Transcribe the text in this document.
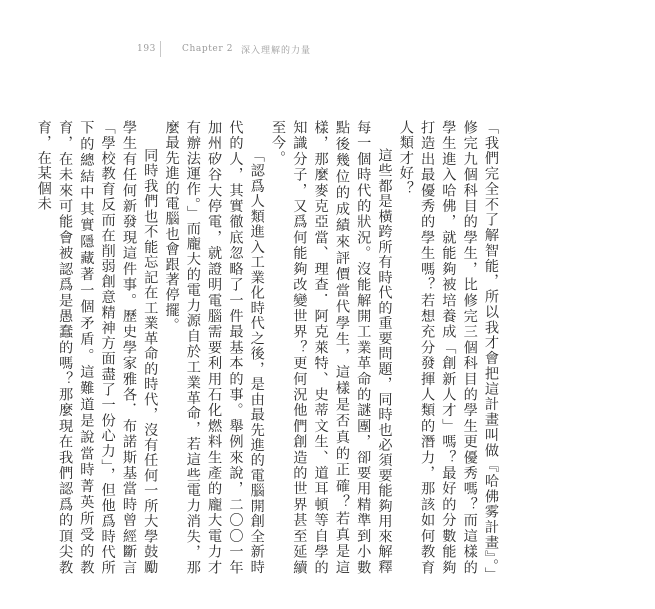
193	Chapter 2 深入理解的力量

「我們完全不了解智能，所以我才會把這計畫叫做『哈佛雾計畫』。」修完九個科目的學生，比修完三個科目的學生更優秀嗎？而這樣的學生進入哈佛，就能夠被培養成「創新人才」嗎？最好的分數能夠打造出最優秀的學生嗎？若想充分發揮人類的潛力，那該如何教育人類才好？

這些都是橫跨所有時代的重要問題，同時也必須要能夠用來解釋每一個時代的狀況。沒能解開工業革命的謎團，卻要用精準到小數點後幾位的成績來評價當代學生，這樣是否真的正確？若真是這樣，那麼麥克亞當、理查．阿克萊特、史蒂文生、道耳頓等自學的知識分子，又爲何能夠改變世界？更何況他們創造的世界甚至延續至今。

「認爲人類進入工業化時代之後，是由最先進的電腦開創全新時代的人，其實徹底忽略了一件最基本的事。舉例來說，二〇〇一年加州矽谷大停電，就證明電腦需要利用石化燃料生產的龐大電力才有辦法運作。」而龐大的電力源自於工業革命，若這些電力消失，那麼最先進的電腦也會跟著停擺。

同時我們也不能忘記在工業革命的時代，沒有任何一所大學鼓勵學生有任何新發現這件事。歷史學家雅各．布諾斯基當時曾經斷言「學校教育反而在削弱創意精神方面盡了一份心力」，但他爲時代所下的總結中其實隱藏著一個矛盾。這難道是說當時菁英所受的教育，在未來可能會被認爲是愚蠢的嗎？那麼現在我們認爲的頂尖教育，在某個未
